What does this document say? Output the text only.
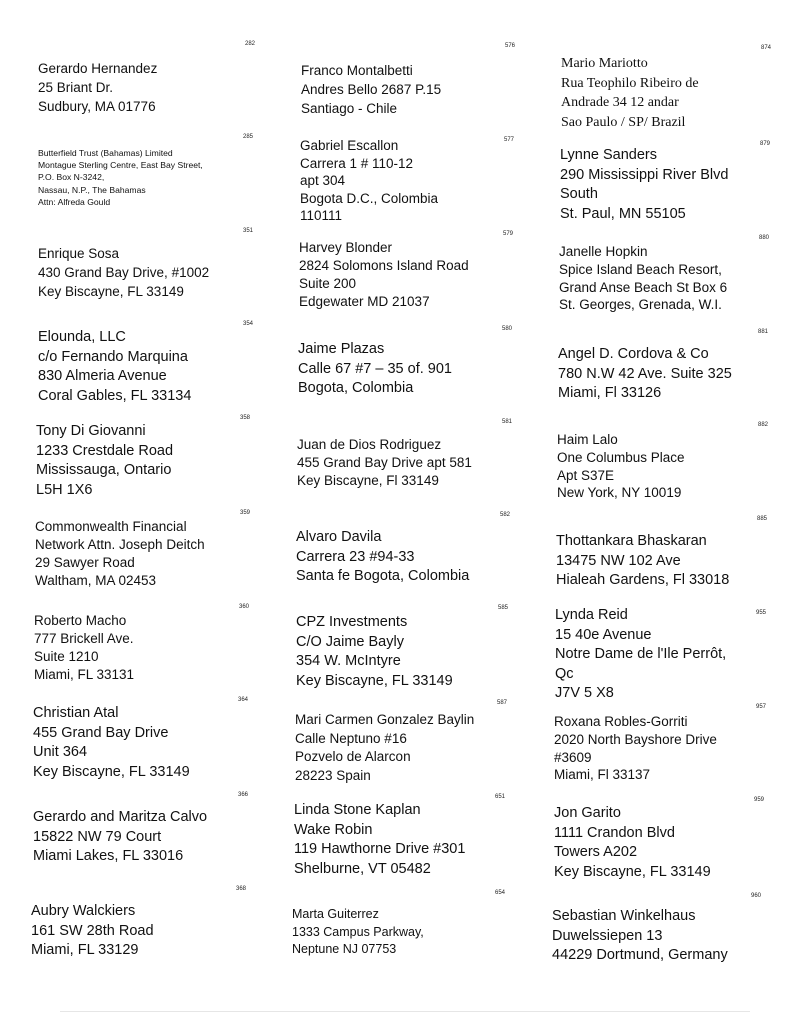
282
Gerardo Hernandez
25 Briant Dr.
Sudbury, MA 01776
285
Butterfield Trust (Bahamas) Limited
Montague Sterling Centre, East Bay Street,
P.O. Box N-3242,
Nassau, N.P., The Bahamas
Attn: Alfreda Gould
351
Enrique Sosa
430 Grand Bay Drive, #1002
Key Biscayne, FL 33149
354
Elounda, LLC
c/o Fernando Marquina
830 Almeria Avenue
Coral Gables, FL 33134
358
Tony Di Giovanni
1233 Crestdale Road
Mississauga, Ontario
L5H 1X6
359
Commonwealth Financial
Network Attn. Joseph Deitch
29 Sawyer Road
Waltham, MA 02453
360
Roberto Macho
777 Brickell Ave.
Suite 1210
Miami, FL 33131
364
Christian Atal
455 Grand Bay Drive
Unit 364
Key Biscayne, FL 33149
366
Gerardo and Maritza Calvo
15822 NW 79 Court
Miami Lakes, FL 33016
368
Aubry Walckiers
161 SW 28th Road
Miami, FL 33129
576
Franco Montalbetti
Andres Bello 2687 P.15
Santiago - Chile
577
Gabriel Escallon
Carrera 1 # 110-12
apt 304
Bogota D.C., Colombia
110111
579
Harvey Blonder
2824 Solomons Island Road
Suite 200
Edgewater MD 21037
580
Jaime Plazas
Calle 67 #7 – 35 of. 901
Bogota, Colombia
581
Juan de Dios Rodriguez
455 Grand Bay Drive apt 581
Key Biscayne, Fl 33149
582
Alvaro Davila
Carrera 23 #94-33
Santa fe Bogota, Colombia
585
CPZ Investments
C/O Jaime Bayly
354 W. McIntyre
Key Biscayne, FL 33149
587
Mari Carmen Gonzalez Baylin
Calle Neptuno #16
Pozvelo de Alarcon
28223 Spain
651
Linda Stone Kaplan
Wake Robin
119 Hawthorne Drive #301
Shelburne, VT 05482
654
Marta Guiterrez
1333 Campus Parkway,
Neptune NJ 07753
874
Mario Mariotto
Rua Teophilo Ribeiro de
Andrade 34 12 andar
Sao Paulo / SP/ Brazil
879
Lynne Sanders
290 Mississippi River Blvd
South
St. Paul, MN 55105
880
Janelle Hopkin
Spice Island Beach Resort,
Grand Anse Beach St Box 6
St. Georges, Grenada, W.I.
881
Angel D. Cordova & Co
780 N.W 42 Ave. Suite 325
Miami, Fl 33126
882
Haim Lalo
One Columbus Place
Apt S37E
New York, NY 10019
885
Thottankara Bhaskaran
13475 NW 102 Ave
Hialeah Gardens, Fl 33018
955
Lynda Reid
15 40e Avenue
Notre Dame de l'Ile Perrôt,
Qc
J7V 5 X8
957
Roxana Robles-Gorriti
2020 North Bayshore Drive
#3609
Miami, Fl 33137
959
Jon Garito
1111 Crandon Blvd
Towers A202
Key Biscayne, FL 33149
960
Sebastian Winkelhaus
Duwelssiepen 13
44229 Dortmund, Germany
